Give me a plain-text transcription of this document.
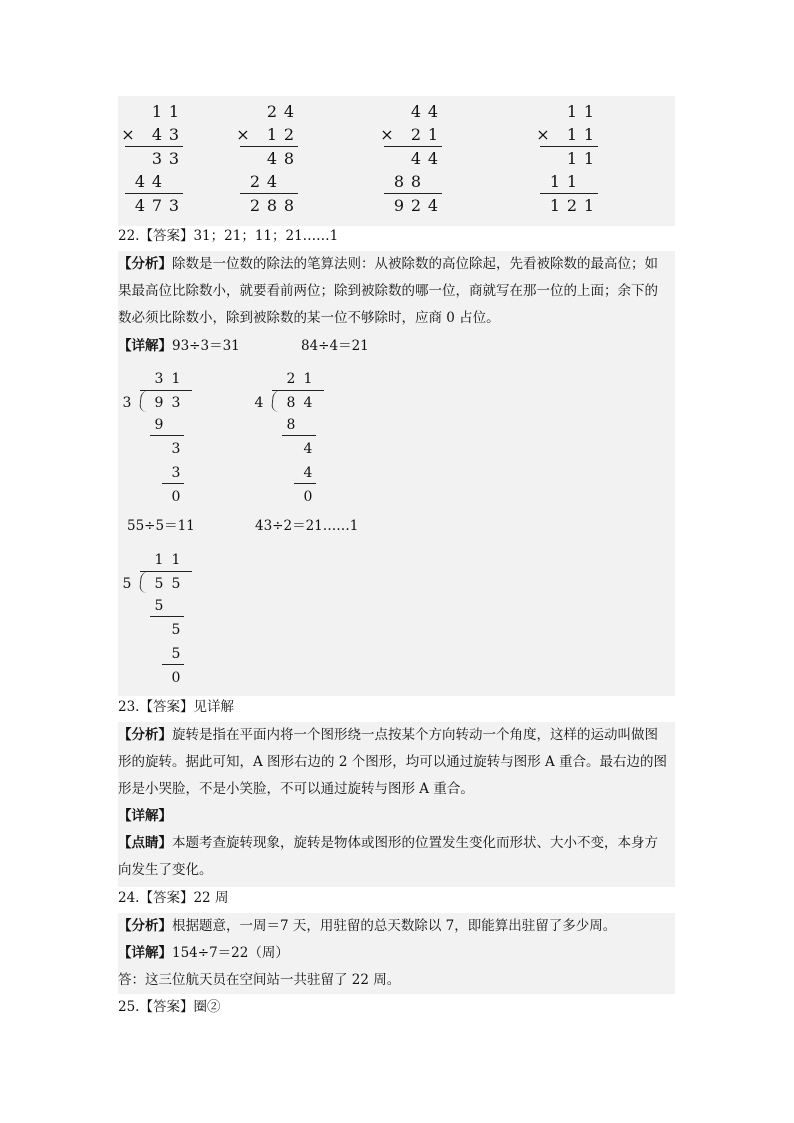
1 1
× 4 3
3 3
4 4
4 7 3
2 4
× 1 2
4 8
2 4
2 8 8
4 4
× 2 1
4 4
8 8
9 2 4
1 1
× 1 1
1 1
1 1
1 2 1
22.【答案】31；21；11；21……1
【分析】除数是一位数的除法的笔算法则：从被除数的高位除起，先看被除数的最高位；如
果最高位比除数小，就要看前两位；除到被除数的哪一位，商就写在那一位的上面；余下的
数必须比除数小，除到被除数的某一位不够除时，应商 0 占位。
【详解】93÷3＝31	84÷4＝21
3 1
3 9 3
9
3
3
0
2 1
4 8 4
8
4
4
0
55÷5＝11	43÷2＝21……1
1 1
5 5 5
5
5
5
0
23.【答案】见详解
【分析】旋转是指在平面内将一个图形绕一点按某个方向转动一个角度，这样的运动叫做图
形的旋转。据此可知，A 图形右边的 2 个图形，均可以通过旋转与图形 A 重合。最右边的图
形是小哭脸，不是小笑脸，不可以通过旋转与图形 A 重合。
【详解】
【点睛】本题考查旋转现象，旋转是物体或图形的位置发生变化而形状、大小不变，本身方
向发生了变化。
24.【答案】22 周
【分析】根据题意，一周＝7 天，用驻留的总天数除以 7，即能算出驻留了多少周。
【详解】154÷7＝22（周）
答：这三位航天员在空间站一共驻留了 22 周。
25.【答案】圈②
